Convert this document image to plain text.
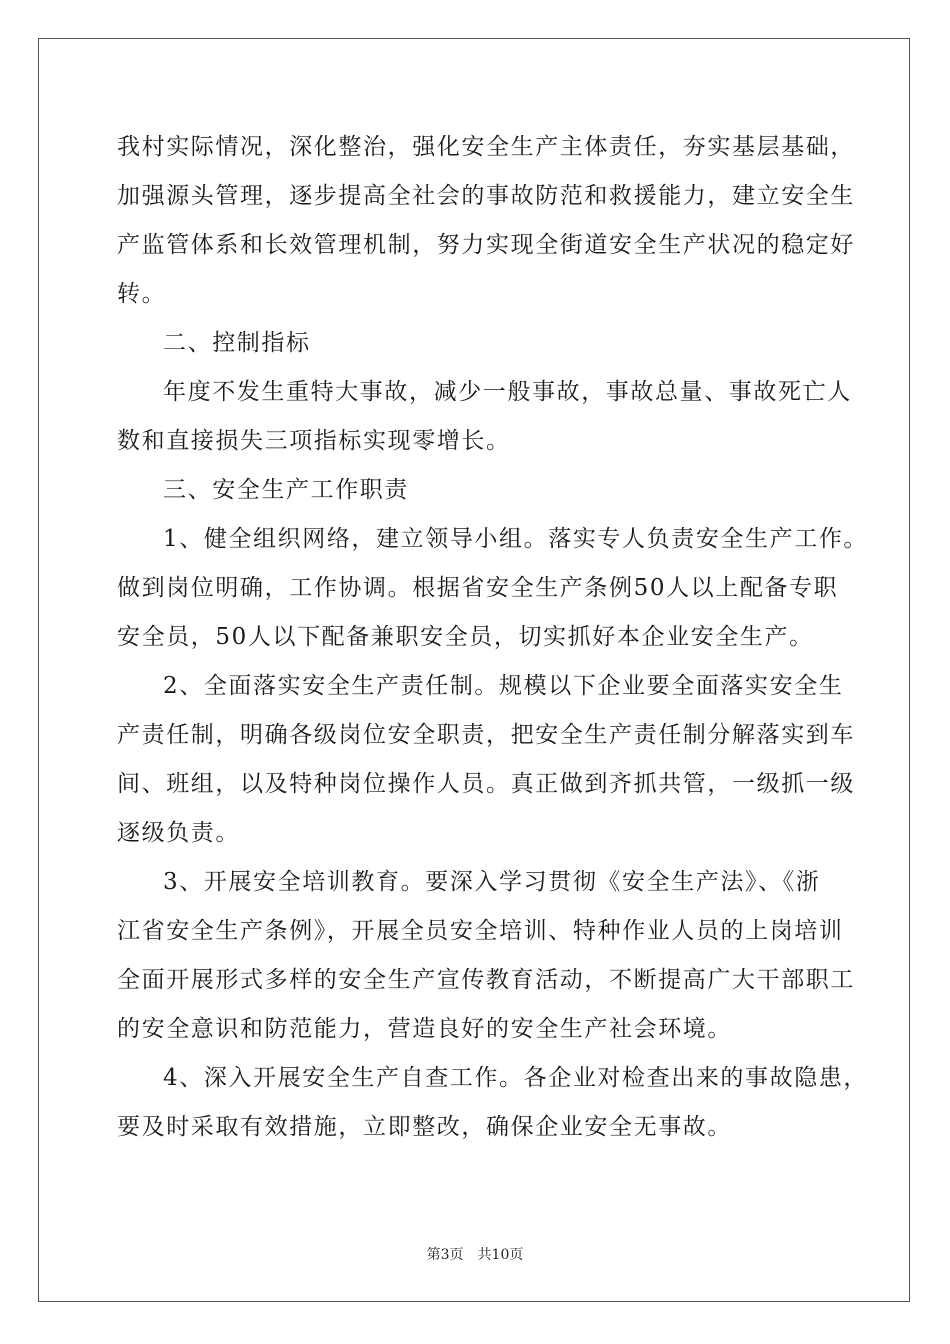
我村实际情况，深化整治，强化安全生产主体责任，夯实基层基础，
加强源头管理，逐步提高全社会的事故防范和救援能力，建立安全生
产监管体系和长效管理机制，努力实现全街道安全生产状况的稳定好
转。
二、控制指标
年度不发生重特大事故，减少一般事故，事故总量、事故死亡人
数和直接损失三项指标实现零增长。
三、安全生产工作职责
1、健全组织网络，建立领导小组。落实专人负责安全生产工作。
做到岗位明确，工作协调。根据省安全生产条例50人以上配备专职
安全员，50人以下配备兼职安全员，切实抓好本企业安全生产。
2、全面落实安全生产责任制。规模以下企业要全面落实安全生
产责任制，明确各级岗位安全职责，把安全生产责任制分解落实到车
间、班组，以及特种岗位操作人员。真正做到齐抓共管，一级抓一级
逐级负责。
3、开展安全培训教育。要深入学习贯彻《安全生产法》、《浙
江省安全生产条例》，开展全员安全培训、特种作业人员的上岗培训
全面开展形式多样的安全生产宣传教育活动，不断提高广大干部职工
的安全意识和防范能力，营造良好的安全生产社会环境。
4、深入开展安全生产自查工作。各企业对检查出来的事故隐患，
要及时采取有效措施，立即整改，确保企业安全无事故。
第3页 共10页
